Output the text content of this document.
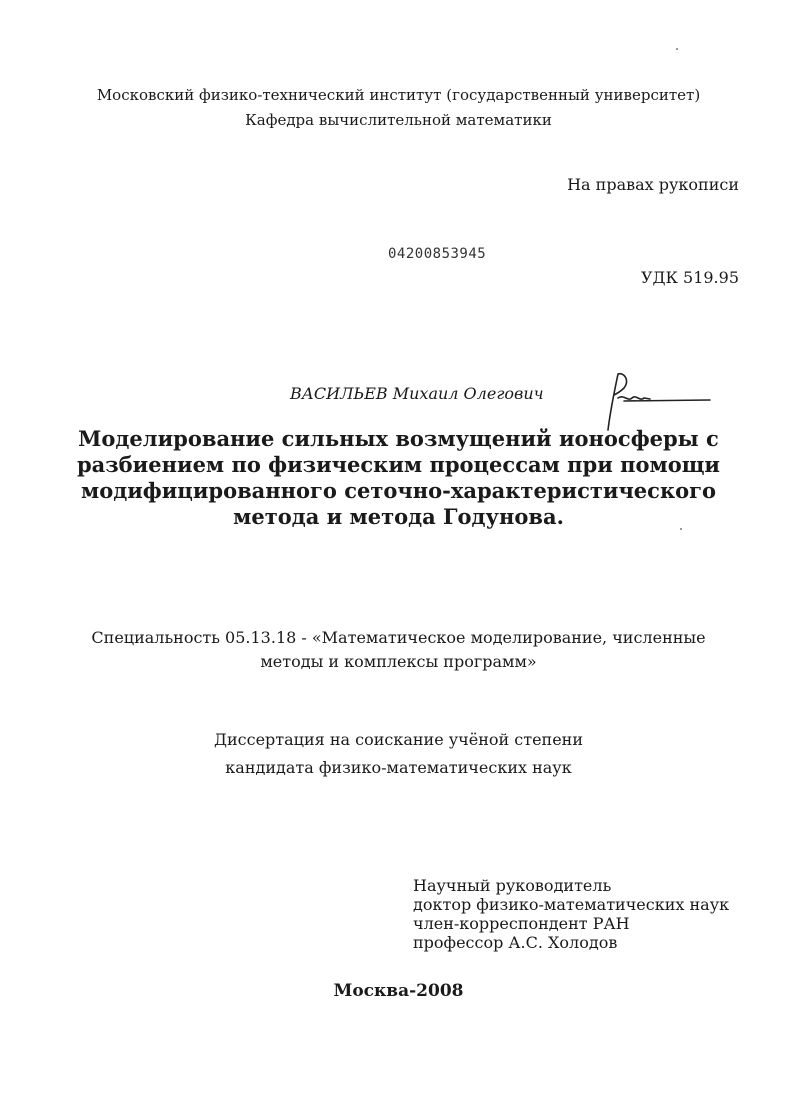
Московский физико-технический институт (государственный университет)
Кафедра вычислительной математики
На правах рукописи
04200853945
УДК 519.95
ВАСИЛЬЕВ Михаил Олегович
Моделирование сильных возмущений ионосферы с
разбиением по физическим процессам при помощи
модифицированного сеточно-характеристического
метода и метода Годунова.
Специальность 05.13.18 - «Математическое моделирование, численные
методы и комплексы программ»
Диссертация на соискание учёной степени
кандидата физико-математических наук
Научный руководитель
доктор физико-математических наук
член-корреспондент РАН
профессор А.С. Холодов
Москва-2008
